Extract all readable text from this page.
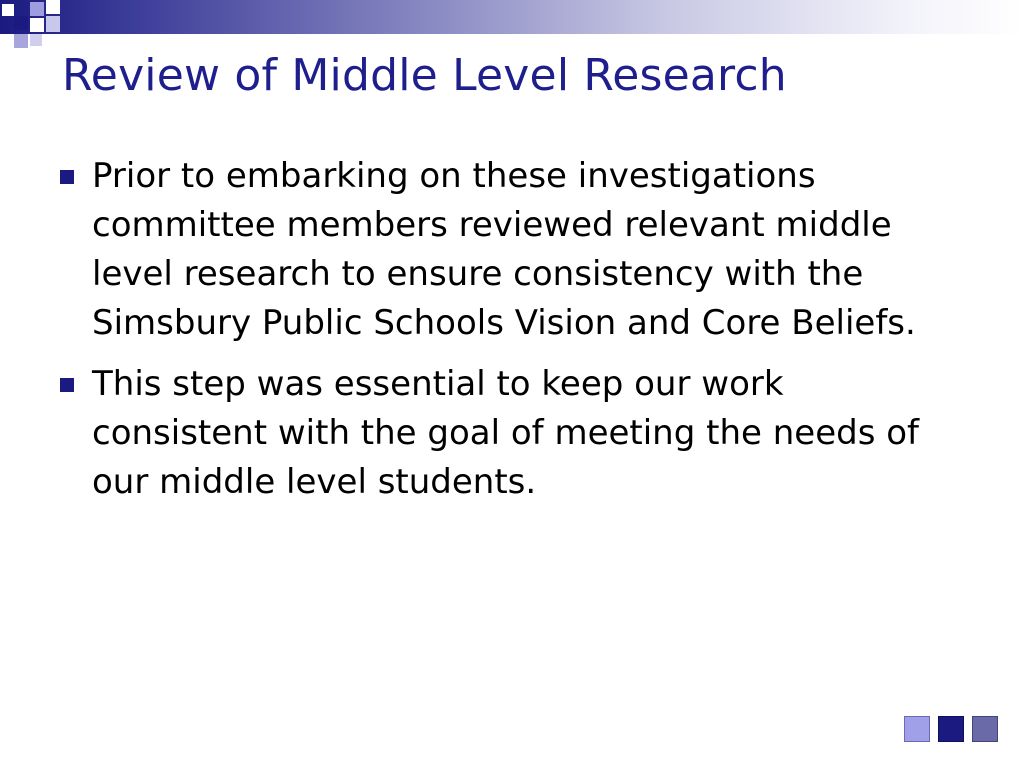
Review of Middle Level Research
Prior to embarking on these investigations committee members reviewed relevant middle level research to ensure consistency with the Simsbury Public Schools Vision and Core Beliefs.
This step was essential to keep our work consistent with the goal of meeting the needs of our middle level students.
